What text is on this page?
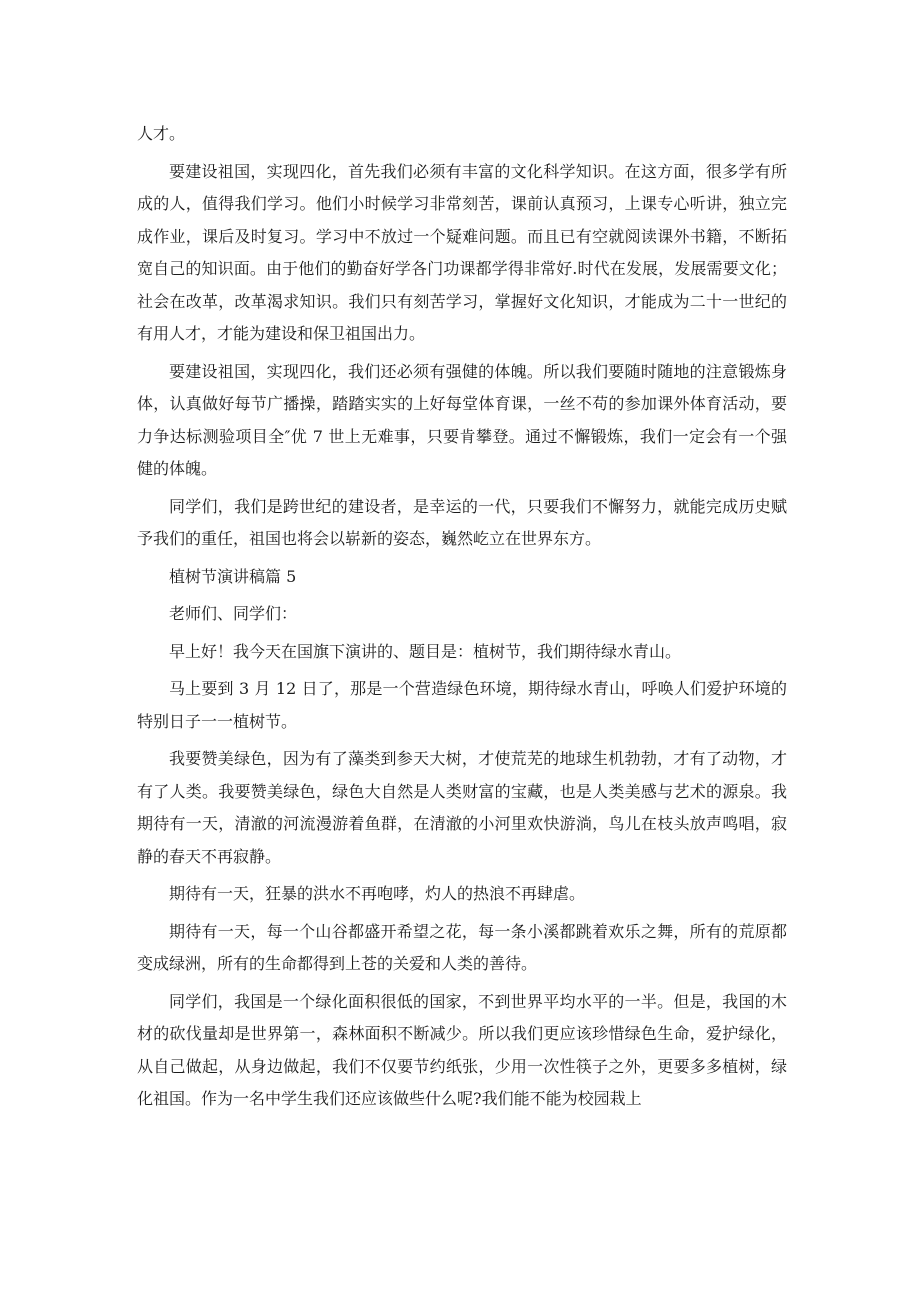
人才。

要建设祖国，实现四化，首先我们必须有丰富的文化科学知识。在这方面，很多学有所成的人，值得我们学习。他们小时候学习非常刻苦，课前认真预习，上课专心听讲，独立完成作业，课后及时复习。学习中不放过一个疑难问题。而且已有空就阅读课外书籍，不断拓宽自己的知识面。由于他们的勤奋好学各门功课都学得非常好.时代在发展，发展需要文化；社会在改革，改革渴求知识。我们只有刻苦学习，掌握好文化知识，才能成为二十一世纪的有用人才，才能为建设和保卫祖国出力。

要建设祖国，实现四化，我们还必须有强健的体魄。所以我们要随时随地的注意锻炼身体，认真做好每节广播操，踏踏实实的上好每堂体育课，一丝不苟的参加课外体育活动，要力争达标测验项目全″优 7 世上无难事，只要肯攀登。通过不懈锻炼，我们一定会有一个强健的体魄。

同学们，我们是跨世纪的建设者，是幸运的一代，只要我们不懈努力，就能完成历史赋予我们的重任，祖国也将会以崭新的姿态，巍然屹立在世界东方。

植树节演讲稿篇 5

老师们、同学们：

早上好！我今天在国旗下演讲的、题目是：植树节，我们期待绿水青山。

马上要到 3 月 12 日了，那是一个营造绿色环境，期待绿水青山，呼唤人们爱护环境的特别日子一一植树节。

我要赞美绿色，因为有了藻类到参天大树，才使荒芜的地球生机勃勃，才有了动物，才有了人类。我要赞美绿色，绿色大自然是人类财富的宝藏，也是人类美感与艺术的源泉。我期待有一天，清澈的河流漫游着鱼群，在清澈的小河里欢快游淌，鸟儿在枝头放声鸣唱，寂静的春天不再寂静。

期待有一天，狂暴的洪水不再咆哮，灼人的热浪不再肆虐。

期待有一天，每一个山谷都盛开希望之花，每一条小溪都跳着欢乐之舞，所有的荒原都变成绿洲，所有的生命都得到上苍的关爱和人类的善待。

同学们，我国是一个绿化面积很低的国家，不到世界平均水平的一半。但是，我国的木材的砍伐量却是世界第一，森林面积不断减少。所以我们更应该珍惜绿色生命，爱护绿化，从自己做起，从身边做起，我们不仅要节约纸张，少用一次性筷子之外，更要多多植树，绿化祖国。作为一名中学生我们还应该做些什么呢?我们能不能为校园栽上
